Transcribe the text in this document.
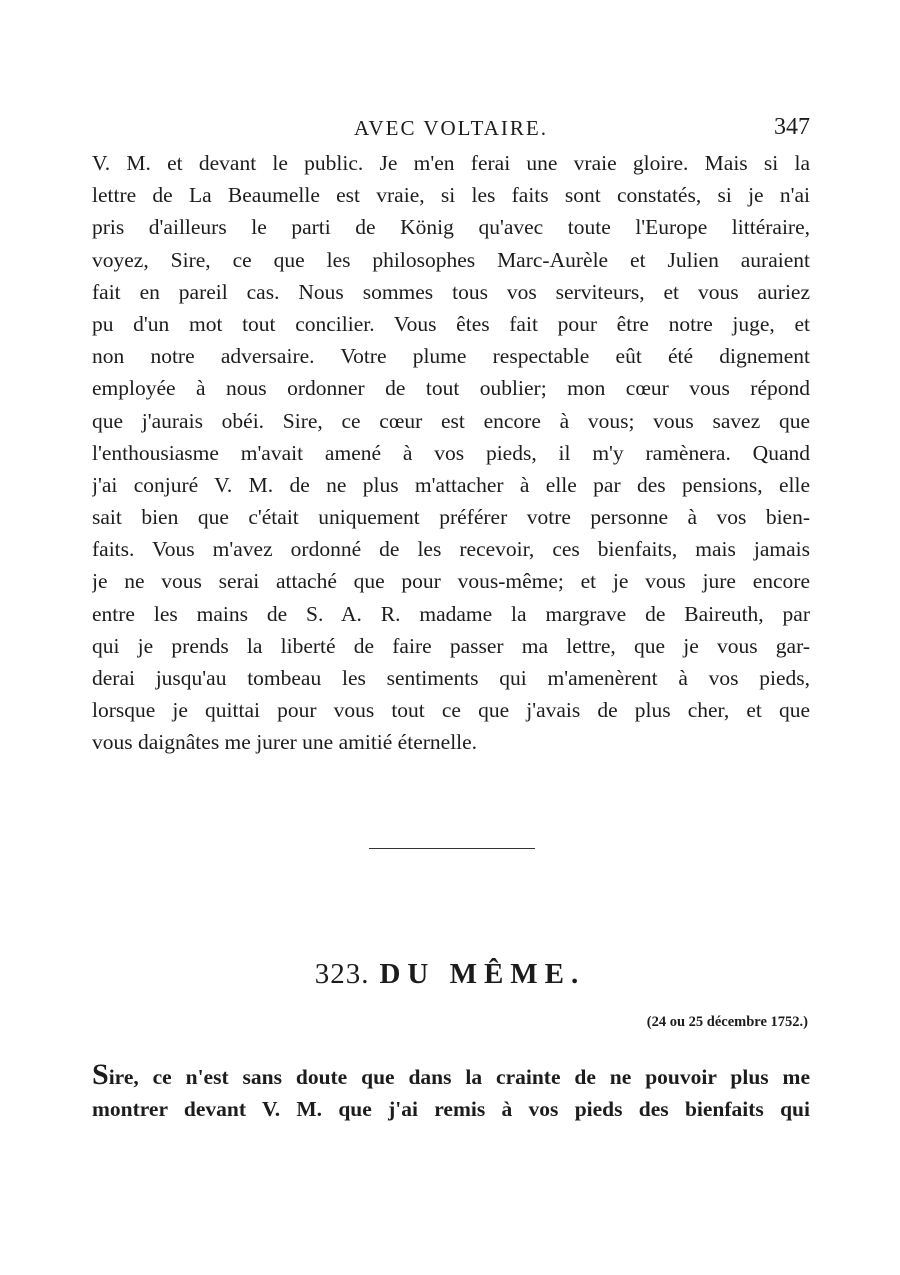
AVEC VOLTAIRE.	347
V. M. et devant le public. Je m'en ferai une vraie gloire. Mais si la
lettre de La Beaumelle est vraie, si les faits sont constatés, si je n'ai
pris d'ailleurs le parti de König qu'avec toute l'Europe littéraire,
voyez, Sire, ce que les philosophes Marc-Aurèle et Julien auraient
fait en pareil cas. Nous sommes tous vos serviteurs, et vous auriez
pu d'un mot tout concilier. Vous êtes fait pour être notre juge, et
non notre adversaire. Votre plume respectable eût été dignement
employée à nous ordonner de tout oublier; mon cœur vous répond
que j'aurais obéi. Sire, ce cœur est encore à vous; vous savez que
l'enthousiasme m'avait amené à vos pieds, il m'y ramènera. Quand
j'ai conjuré V. M. de ne plus m'attacher à elle par des pensions, elle
sait bien que c'était uniquement préférer votre personne à vos bien-
faits. Vous m'avez ordonné de les recevoir, ces bienfaits, mais jamais
je ne vous serai attaché que pour vous-même; et je vous jure encore
entre les mains de S. A. R. madame la margrave de Baireuth, par
qui je prends la liberté de faire passer ma lettre, que je vous gar-
derai jusqu'au tombeau les sentiments qui m'amenèrent à vos pieds,
lorsque je quittai pour vous tout ce que j'avais de plus cher, et que
vous daignâtes me jurer une amitié éternelle.
323. DU MÊME.
(24 ou 25 décembre 1752.)
Sire, ce n'est sans doute que dans la crainte de ne pouvoir plus me
montrer devant V. M. que j'ai remis à vos pieds des bienfaits qui
